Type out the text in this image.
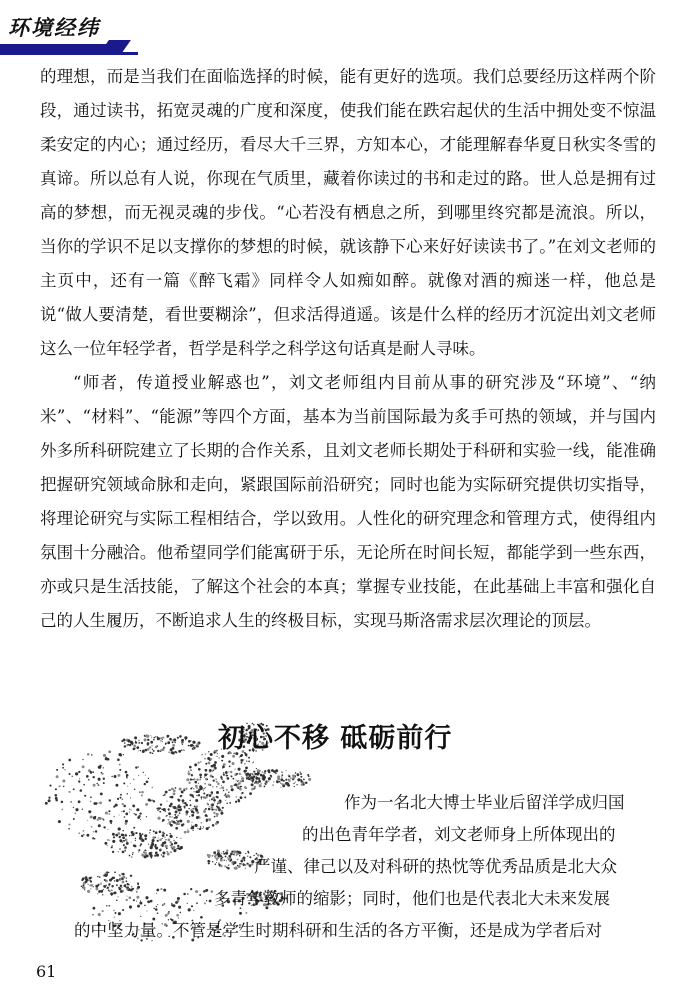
环境经纬

的理想，而是当我们在面临选择的时候，能有更好的选项。我们总要经历这样两个阶段，通过读书，拓宽灵魂的广度和深度，使我们能在跌宕起伏的生活中拥处变不惊温柔安定的内心；通过经历，看尽大千三界，方知本心，才能理解春华夏日秋实冬雪的真谛。所以总有人说，你现在气质里，藏着你读过的书和走过的路。世人总是拥有过高的梦想，而无视灵魂的步伐。“心若没有栖息之所，到哪里终究都是流浪。所以，当你的学识不足以支撑你的梦想的时候，就该静下心来好好读读书了。”在刘文老师的主页中，还有一篇《醉飞霜》同样令人如痴如醉。就像对酒的痴迷一样，他总是说“做人要清楚，看世要糊涂”，但求活得逍遥。该是什么样的经历才沉淀出刘文老师这么一位年轻学者，哲学是科学之科学这句话真是耐人寻味。

“师者，传道授业解惑也”，刘文老师组内目前从事的研究涉及“环境”、“纳米”、“材料”、“能源”等四个方面，基本为当前国际最为炙手可热的领域，并与国内外多所科研院建立了长期的合作关系，且刘文老师长期处于科研和实验一线，能准确把握研究领域命脉和走向，紧跟国际前沿研究；同时也能为实际研究提供切实指导，将理论研究与实际工程相结合，学以致用。人性化的研究理念和管理方式，使得组内氛围十分融洽。他希望同学们能寓研于乐，无论所在时间长短，都能学到一些东西，亦或只是生活技能，了解这个社会的本真；掌握专业技能，在此基础上丰富和强化自己的人生履历，不断追求人生的终极目标，实现马斯洛需求层次理论的顶层。

初心不移 砥砺前行
作为一名北大博士毕业后留洋学成归国
的出色青年学者，刘文老师身上所体现出的
严谨、律己以及对科研的热忱等优秀品质是北大众
多青年教师的缩影；同时，他们也是代表北大未来发展
的中坚力量。不管是学生时期科研和生活的各方平衡，还是成为学者后对
61
